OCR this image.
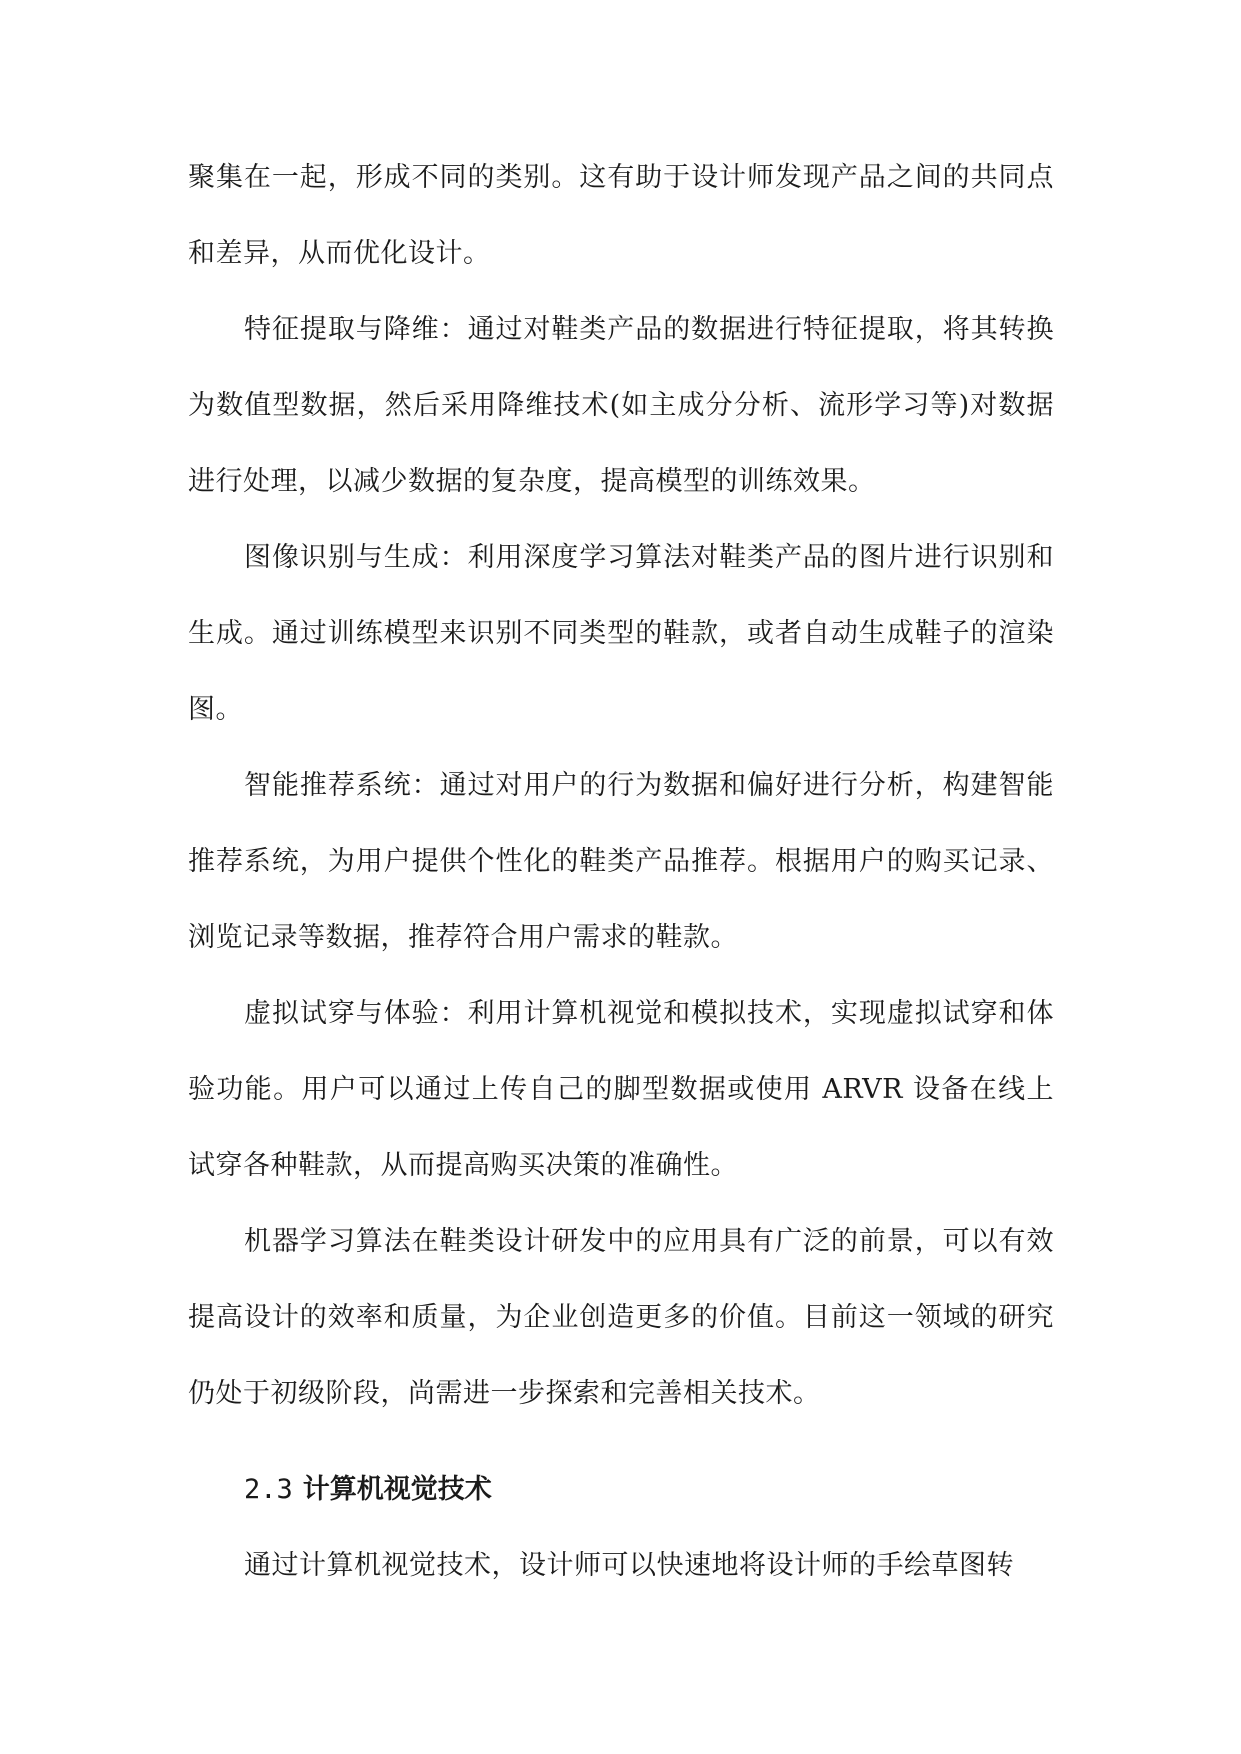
聚集在一起，形成不同的类别。这有助于设计师发现产品之间的共同点和差异，从而优化设计。

特征提取与降维：通过对鞋类产品的数据进行特征提取，将其转换为数值型数据，然后采用降维技术(如主成分分析、流形学习等)对数据进行处理，以减少数据的复杂度，提高模型的训练效果。

图像识别与生成：利用深度学习算法对鞋类产品的图片进行识别和生成。通过训练模型来识别不同类型的鞋款，或者自动生成鞋子的渲染图。

智能推荐系统：通过对用户的行为数据和偏好进行分析，构建智能推荐系统，为用户提供个性化的鞋类产品推荐。根据用户的购买记录、浏览记录等数据，推荐符合用户需求的鞋款。

虚拟试穿与体验：利用计算机视觉和模拟技术，实现虚拟试穿和体验功能。用户可以通过上传自己的脚型数据或使用 ARVR 设备在线上试穿各种鞋款，从而提高购买决策的准确性。

机器学习算法在鞋类设计研发中的应用具有广泛的前景，可以有效提高设计的效率和质量，为企业创造更多的价值。目前这一领域的研究仍处于初级阶段，尚需进一步探索和完善相关技术。

2.3 计算机视觉技术

通过计算机视觉技术，设计师可以快速地将设计师的手绘草图转
